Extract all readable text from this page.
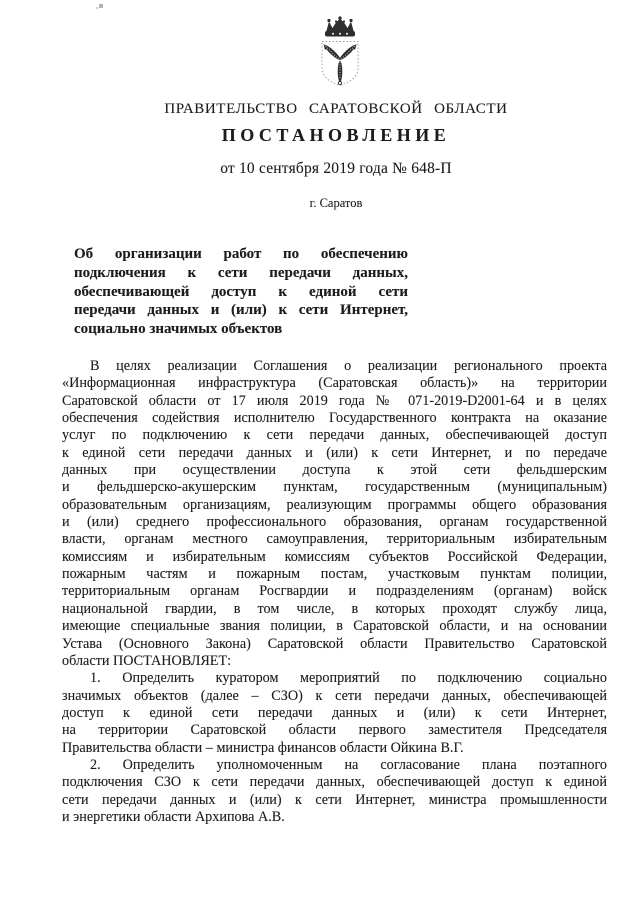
ПРАВИТЕЛЬСТВО САРАТОВСКОЙ ОБЛАСТИ
ПОСТАНОВЛЕНИЕ
от 10 сентября 2019 года № 648-П
г. Саратов
Об организации работ по обеспечению
подключения к сети передачи данных,
обеспечивающей доступ к единой сети
передачи данных и (или) к сети Интернет,
социально значимых объектов
В целях реализации Соглашения о реализации регионального проекта
«Информационная инфраструктура (Саратовская область)» на территории
Саратовской области от 17 июля 2019 года № 071-2019-D2001-64 и в целях
обеспечения содействия исполнителю Государственного контракта на оказание
услуг по подключению к сети передачи данных, обеспечивающей доступ
к единой сети передачи данных и (или) к сети Интернет, и по передаче
данных при осуществлении доступа к этой сети фельдшерским
и фельдшерско-акушерским пунктам, государственным (муниципальным)
образовательным организациям, реализующим программы общего образования
и (или) среднего профессионального образования, органам государственной
власти, органам местного самоуправления, территориальным избирательным
комиссиям и избирательным комиссиям субъектов Российской Федерации,
пожарным частям и пожарным постам, участковым пунктам полиции,
территориальным органам Росгвардии и подразделениям (органам) войск
национальной гвардии, в том числе, в которых проходят службу лица,
имеющие специальные звания полиции, в Саратовской области, и на основании
Устава (Основного Закона) Саратовской области Правительство Саратовской
области ПОСТАНОВЛЯЕТ:
1. Определить куратором мероприятий по подключению социально
значимых объектов (далее – СЗО) к сети передачи данных, обеспечивающей
доступ к единой сети передачи данных и (или) к сети Интернет,
на территории Саратовской области первого заместителя Председателя
Правительства области – министра финансов области Ойкина В.Г.
2. Определить уполномоченным на согласование плана поэтапного
подключения СЗО к сети передачи данных, обеспечивающей доступ к единой
сети передачи данных и (или) к сети Интернет, министра промышленности
и энергетики области Архипова А.В.
